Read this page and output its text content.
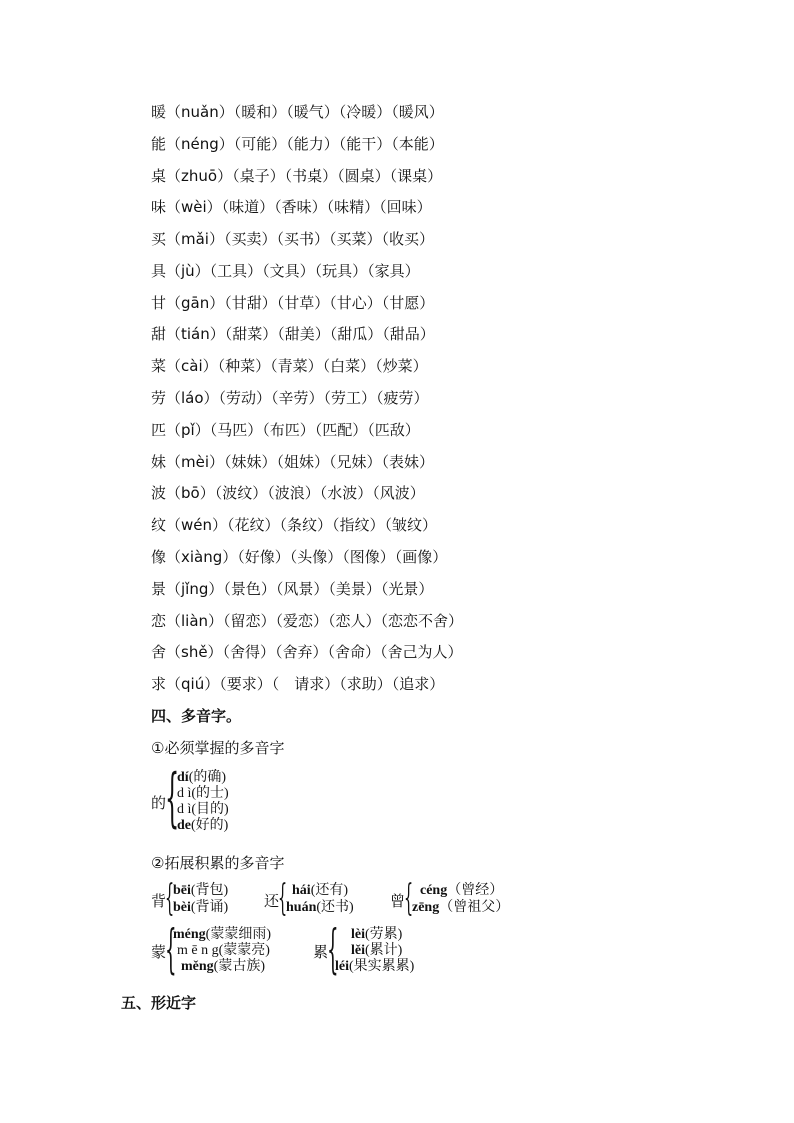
暖（nuǎn）（暖和）（暖气）（冷暖）（暖风）
能（néng）（可能）（能力）（能干）（本能）
桌（zhuō）（桌子）（书桌）（圆桌）（课桌）
味（wèi）（味道）（香味）（味精）（回味）
买（mǎi）（买卖）（买书）（买菜）（收买）
具（jù）（工具）（文具）（玩具）（家具）
甘（gān）（甘甜）（甘草）（甘心）（甘愿）
甜（tián）（甜菜）（甜美）（甜瓜）（甜品）
菜（cài）（种菜）（青菜）（白菜）（炒菜）
劳（láo）（劳动）（辛劳）（劳工）（疲劳）
匹（pǐ）（马匹）（布匹）（匹配）（匹敌）
妹（mèi）（妹妹）（姐妹）（兄妹）（表妹）
波（bō）（波纹）（波浪）（水波）（风波）
纹（wén）（花纹）（条纹）（指纹）（皱纹）
像（xiàng）（好像）（头像）（图像）（画像）
景（jǐng）（景色）（风景）（美景）（光景）
恋（liàn）（留恋）（爱恋）（恋人）（恋恋不舍）
舍（shě）（舍得）（舍弃）（舍命）（舍己为人）
求（qiú）（要求）（　请求）（求助）（追求）
四、多音字。
①必须掌握的多音字
的
{
dí(的确)
d ì(的士)
d ì(目的)
de(好的)
②拓展积累的多音字
背
{
bēi(背包)
bèi(背诵) 还
{ hái(还有)
huán(还书) 曾
{ céng（曾经）
zēng（曾祖父）
蒙
{
méng(蒙蒙细雨)
m ē n g(蒙蒙亮)
měng(蒙古族)
累
{ lèi(劳累)
lěi(累计)
léi(果实累累)
五、形近字
